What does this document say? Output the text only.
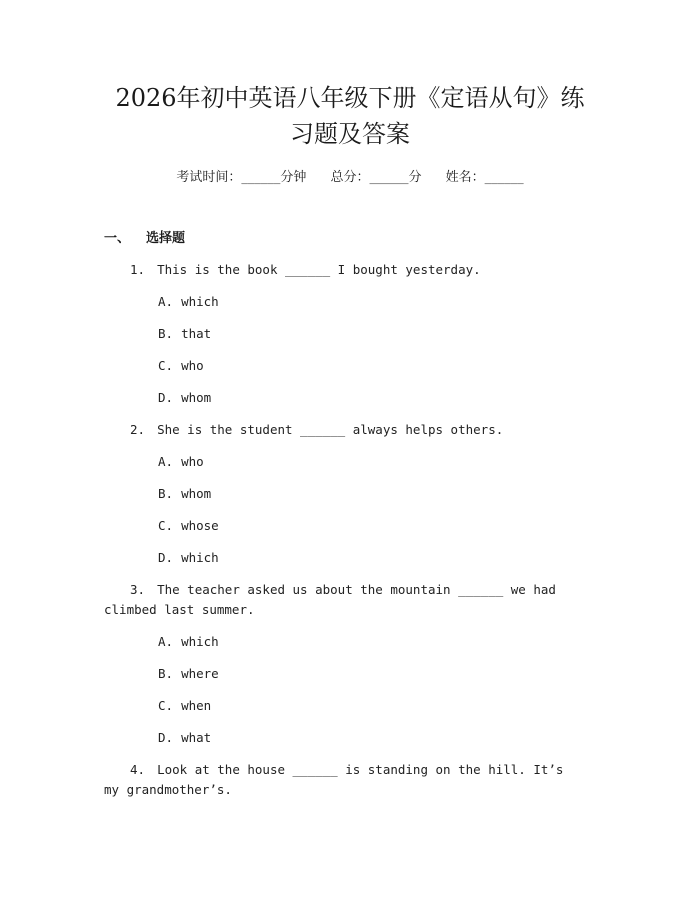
2026年初中英语八年级下册《定语从句》练
习题及答案
考试时间：______分钟 总分：______分 姓名：______
一、 选择题
1. This is the book ______ I bought yesterday.
A. which
B. that
C. who
D. whom
2. She is the student ______ always helps others.
A. who
B. whom
C. whose
D. which
3. The teacher asked us about the mountain ______ we had climbed last summer.
A. which
B. where
C. when
D. what
4. Look at the house ______ is standing on the hill. It’s my grandmother’s.
